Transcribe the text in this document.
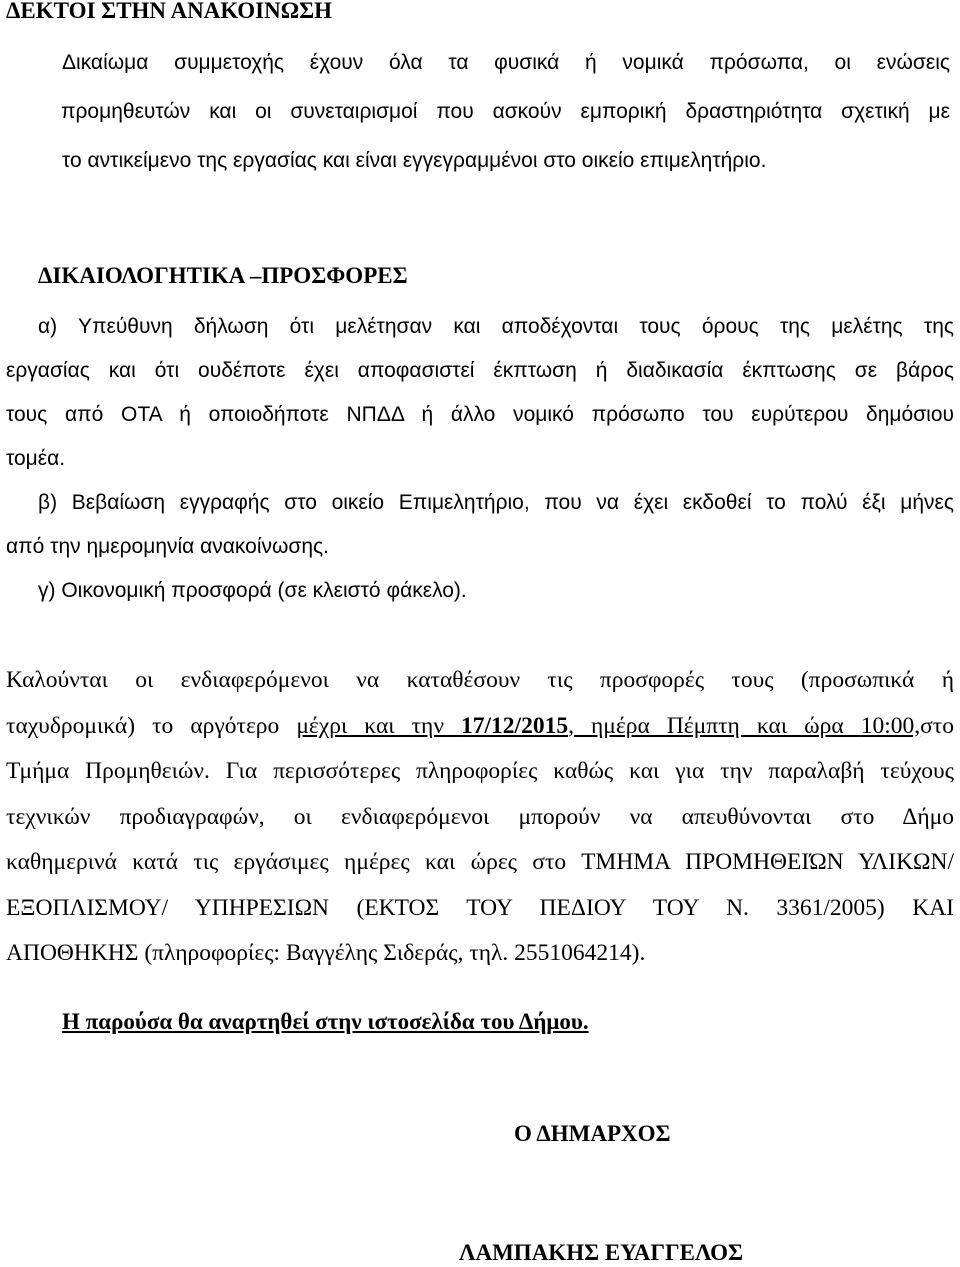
ΔΕΚΤΟΙ ΣΤΗΝ ΑΝΑΚΟΙΝΩΣΗ
Δικαίωμα συμμετοχής έχουν όλα τα φυσικά ή νομικά πρόσωπα, οι ενώσεις
προμηθευτών και οι συνεταιρισμοί που ασκούν εμπορική δραστηριότητα σχετική με
το αντικείμενο της εργασίας και είναι εγγεγραμμένοι στο οικείο επιμελητήριο.
ΔΙΚΑΙΟΛΟΓΗΤΙΚΑ –ΠΡΟΣΦΟΡΕΣ
α) Υπεύθυνη δήλωση ότι μελέτησαν και αποδέχονται τους όρους της μελέτης της
εργασίας και ότι ουδέποτε έχει αποφασιστεί έκπτωση ή διαδικασία έκπτωσης σε βάρος
τους από ΟΤΑ ή οποιοδήποτε ΝΠΔΔ ή άλλο νομικό πρόσωπο του ευρύτερου δημόσιου
τομέα.
β) Βεβαίωση εγγραφής στο οικείο Επιμελητήριο, που να έχει εκδοθεί το πολύ έξι μήνες
από την ημερομηνία ανακοίνωσης.
γ) Οικονομική προσφορά (σε κλειστό φάκελο).
Καλούνται οι ενδιαφερόμενοι να καταθέσουν τις προσφορές τους (προσωπικά ή
ταχυδρομικά) το αργότερο μέχρι και την 17/12/2015, ημέρα Πέμπτη και ώρα 10:00,στο
Τμήμα Προμηθειών. Για περισσότερες πληροφορίες καθώς και για την παραλαβή τεύχους
τεχνικών προδιαγραφών, οι ενδιαφερόμενοι μπορούν να απευθύνονται στο Δήμο
καθημερινά κατά τις εργάσιμες ημέρες και ώρες στο ΤΜΗΜΑ ΠΡΟΜΗΘΕΙΏΝ ΥΛΙΚΩΝ/
ΕΞΟΠΛΙΣΜΟΥ/ ΥΠΗΡΕΣΙΩΝ (ΕΚΤΟΣ ΤΟΥ ΠΕΔΙΟΥ ΤΟΥ Ν. 3361/2005) ΚΑΙ
ΑΠΟΘΗΚΗΣ (πληροφορίες: Βαγγέλης Σιδεράς, τηλ. 2551064214).
Η παρούσα θα αναρτηθεί στην ιστοσελίδα του Δήμου.
Ο ΔΗΜΑΡΧΟΣ
ΛΑΜΠΑΚΗΣ ΕΥΑΓΓΕΛΟΣ
